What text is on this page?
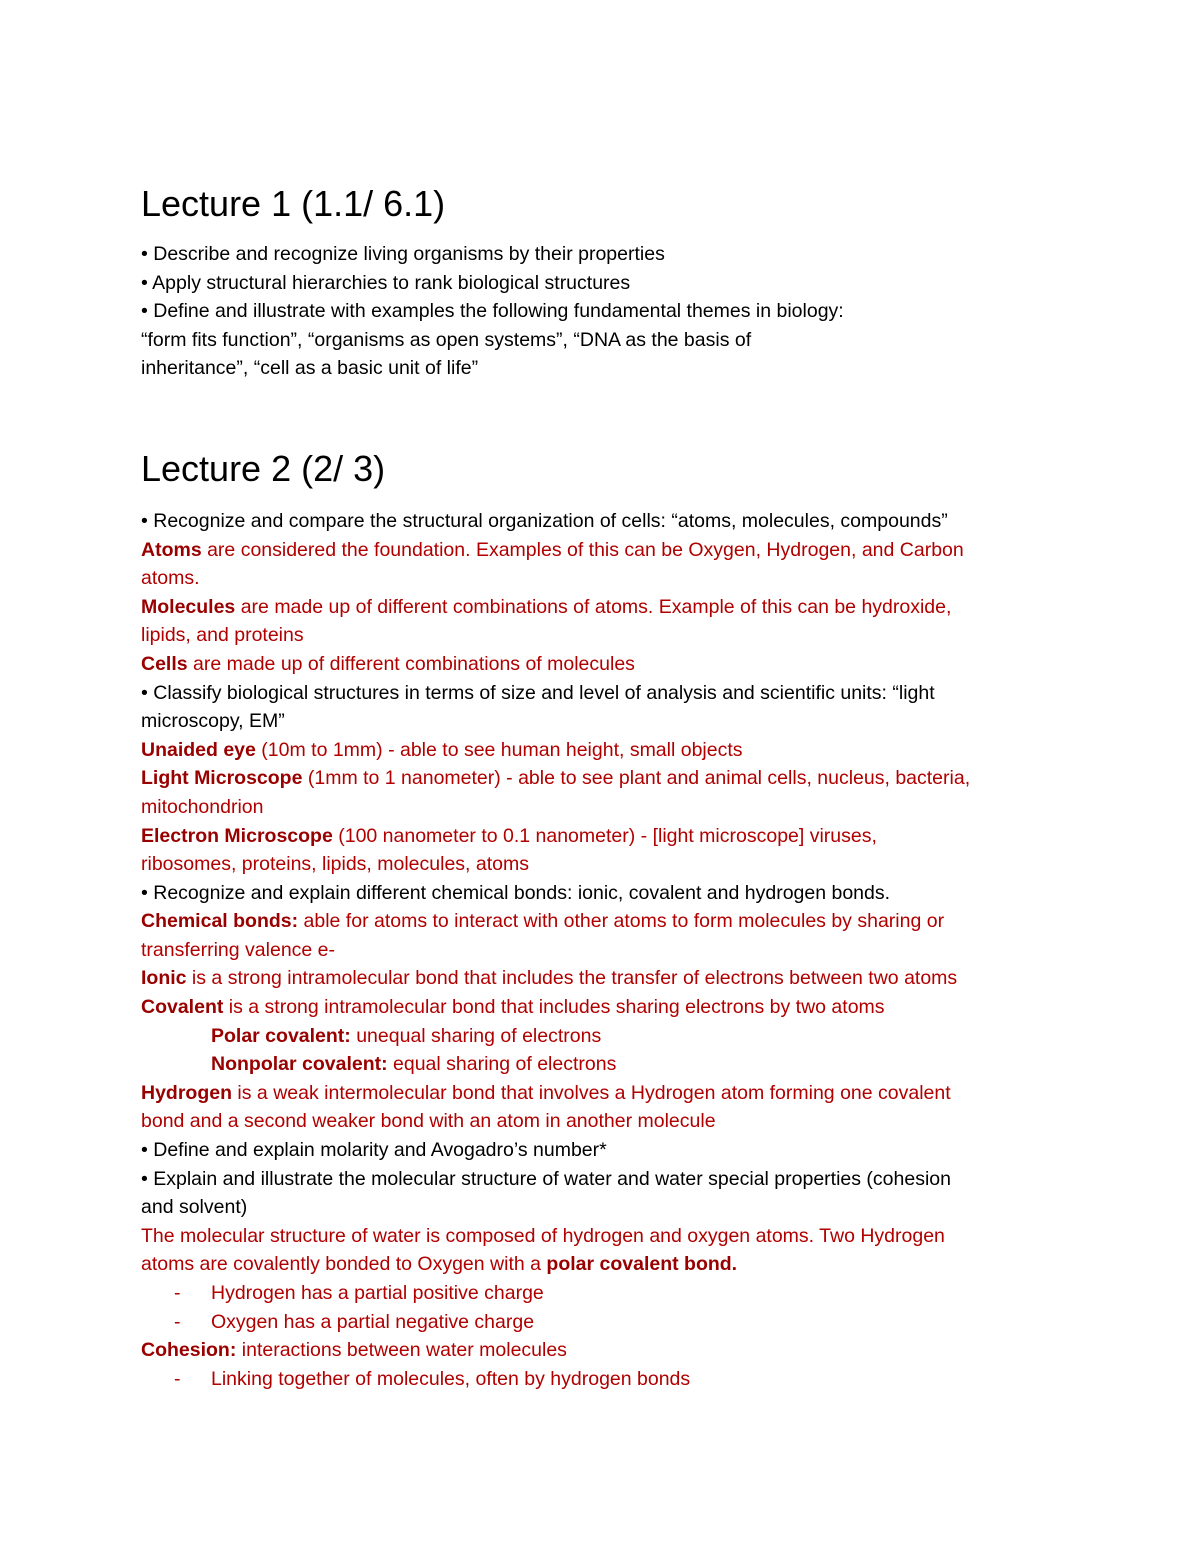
Lecture 1 (1.1/ 6.1)

• Describe and recognize living organisms by their properties

• Apply structural hierarchies to rank biological structures

• Define and illustrate with examples the following fundamental themes in biology:

“form fits function”, “organisms as open systems”, “DNA as the basis of

inheritance”, “cell as a basic unit of life”

Lecture 2 (2/ 3)

• Recognize and compare the structural organization of cells: “atoms, molecules, compounds”

Atoms are considered the foundation. Examples of this can be Oxygen, Hydrogen, and Carbon

atoms.

Molecules are made up of different combinations of atoms. Example of this can be hydroxide,

lipids, and proteins

Cells are made up of different combinations of molecules

• Classify biological structures in terms of size and level of analysis and scientific units: “light

microscopy, EM”

Unaided eye (10m to 1mm) - able to see human height, small objects

Light Microscope (1mm to 1 nanometer) - able to see plant and animal cells, nucleus, bacteria,

mitochondrion

Electron Microscope (100 nanometer to 0.1 nanometer) - [light microscope] viruses,

ribosomes, proteins, lipids, molecules, atoms

• Recognize and explain different chemical bonds: ionic, covalent and hydrogen bonds.

Chemical bonds: able for atoms to interact with other atoms to form molecules by sharing or

transferring valence e-

Ionic is a strong intramolecular bond that includes the transfer of electrons between two atoms

Covalent is a strong intramolecular bond that includes sharing electrons by two atoms

Polar covalent: unequal sharing of electrons

Nonpolar covalent: equal sharing of electrons

Hydrogen is a weak intermolecular bond that involves a Hydrogen atom forming one covalent

bond and a second weaker bond with an atom in another molecule

• Define and explain molarity and Avogadro’s number*

• Explain and illustrate the molecular structure of water and water special properties (cohesion

and solvent)

The molecular structure of water is composed of hydrogen and oxygen atoms. Two Hydrogen

atoms are covalently bonded to Oxygen with a polar covalent bond.

- Hydrogen has a partial positive charge

- Oxygen has a partial negative charge

Cohesion: interactions between water molecules

- Linking together of molecules, often by hydrogen bonds
